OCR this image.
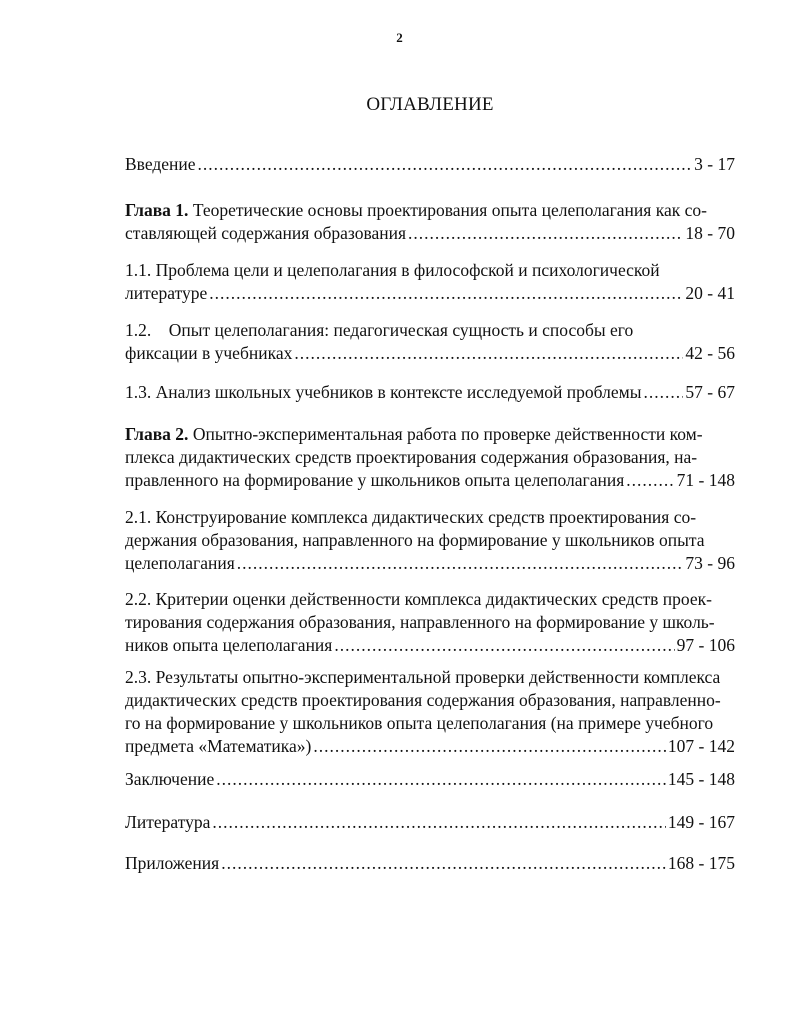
2
ОГЛАВЛЕНИЕ
Введение .....	3 - 17
Глава 1. Теоретические основы проектирования опыта целеполагания как со-
ставляющей содержания образования .....	18 - 70
1.1. Проблема цели и целеполагания в философской и психологической
литературе .....	20 - 41
1.2.    Опыт целеполагания: педагогическая сущность и способы его
фиксации в учебниках .....	42 - 56
1.3. Анализ школьных учебников в контексте исследуемой проблемы .....	57 - 67
Глава 2. Опытно-экспериментальная работа по проверке действенности ком-
плекса дидактических средств проектирования содержания образования, на-
правленного на формирование у школьников опыта целеполагания .....	71 - 148
2.1. Конструирование комплекса дидактических средств проектирования со-
держания образования, направленного на формирование у школьников опыта
целеполагания .....	73 - 96
2.2. Критерии оценки действенности комплекса дидактических средств проек-
тирования содержания образования, направленного на формирование у школь-
ников опыта целеполагания .....	97 - 106
2.3. Результаты опытно-экспериментальной проверки действенности комплекса
дидактических средств проектирования содержания образования, направленно-
го на формирование у школьников опыта целеполагания (на примере учебного
предмета «Математика») .....	107 - 142
Заключение .....	145 - 148
Литература .....	149 - 167
Приложения .....	168 - 175
